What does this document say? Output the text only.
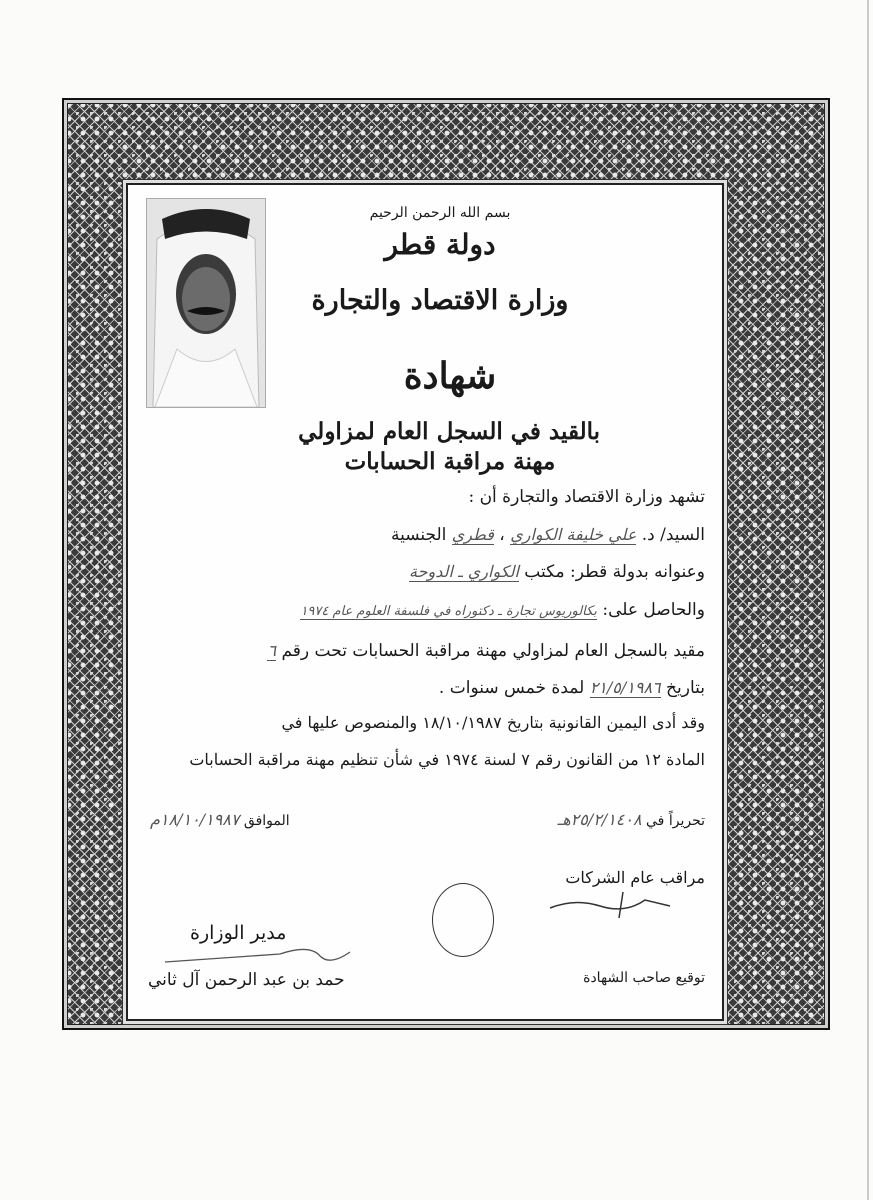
بسم الله الرحمن الرحيم
دولة قطر
وزارة الاقتصاد والتجارة
شهادة
بالقيد في السجل العام لمزاولي
مهنة مراقبة الحسابات
تشهد وزارة الاقتصاد والتجارة أن :
السيد/ د. علي خليفة الكواري ، قطري الجنسية
وعنوانه بدولة قطر: مكتب الكواري ـ الدوحة
والحاصل على: بكالوريوس تجارة ـ دكتوراه في فلسفة العلوم عام ١٩٧٤
مقيد بالسجل العام لمزاولي مهنة مراقبة الحسابات تحت رقم ٦
بتاريخ ٢١/٥/١٩٨٦ لمدة خمس سنوات .
وقد أدى اليمين القانونية بتاريخ ١٨/١٠/١٩٨٧ والمنصوص عليها في
المادة ١٢ من القانون رقم ٧ لسنة ١٩٧٤ في شأن تنظيم مهنة مراقبة الحسابات
تحريراً في ٢٥/٢/١٤٠٨هـ
الموافق ١٨/١٠/١٩٨٧م
مراقب عام الشركات
مدير الوزارة
حمد بن عبد الرحمن آل ثاني	توقيع صاحب الشهادة
